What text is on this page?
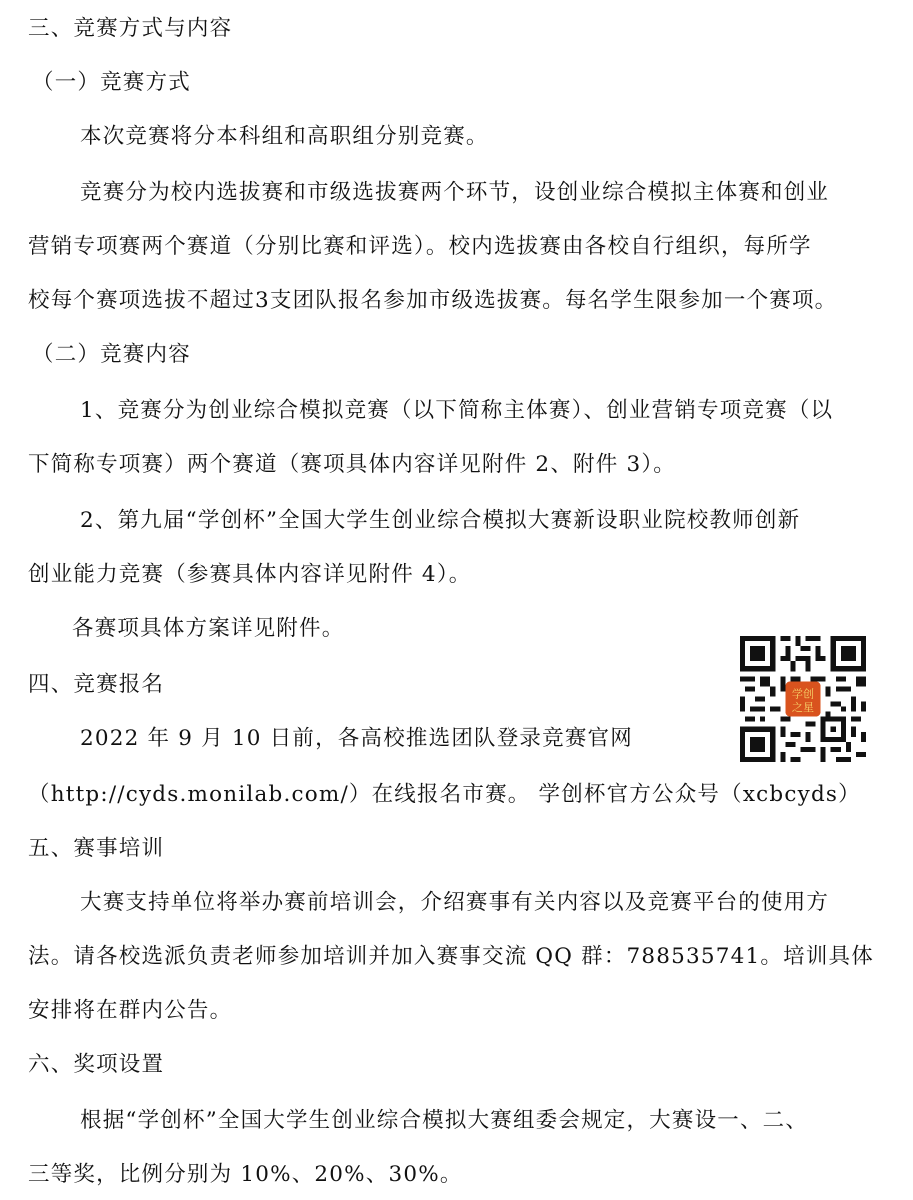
三、竞赛方式与内容
（一）竞赛方式
本次竞赛将分本科组和高职组分别竞赛。
竞赛分为校内选拔赛和市级选拔赛两个环节，设创业综合模拟主体赛和创业
营销专项赛两个赛道（分别比赛和评选）。校内选拔赛由各校自行组织，每所学
校每个赛项选拔不超过3支团队报名参加市级选拔赛。每名学生限参加一个赛项。
（二）竞赛内容
1、竞赛分为创业综合模拟竞赛（以下简称主体赛）、创业营销专项竞赛（以
下简称专项赛）两个赛道（赛项具体内容详见附件 2、附件 3）。
2、第九届“学创杯”全国大学生创业综合模拟大赛新设职业院校教师创新
创业能力竞赛（参赛具体内容详见附件 4）。
各赛项具体方案详见附件。
四、竞赛报名
2022 年 9 月 10 日前，各高校推选团队登录竞赛官网
（http://cyds.monilab.com/）在线报名市赛。 学创杯官方公众号（xcbcyds）
学创
之星
五、赛事培训
大赛支持单位将举办赛前培训会，介绍赛事有关内容以及竞赛平台的使用方
法。请各校选派负责老师参加培训并加入赛事交流 QQ 群：788535741。培训具体
安排将在群内公告。
六、奖项设置
根据“学创杯”全国大学生创业综合模拟大赛组委会规定，大赛设一、二、
三等奖，比例分别为 10%、20%、30%。
